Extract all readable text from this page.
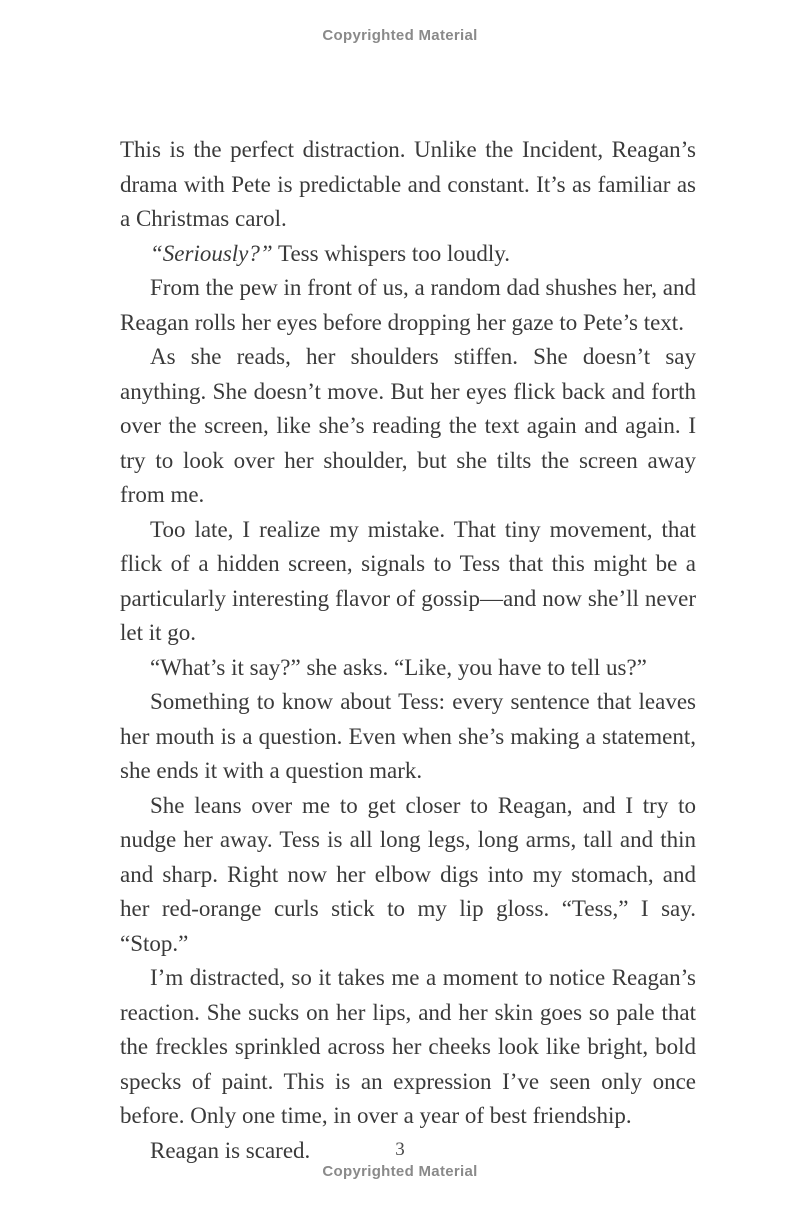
Copyrighted Material

This is the perfect distraction. Unlike the Incident, Reagan’s drama with Pete is predictable and constant. It’s as familiar as a Christmas carol.

“Seriously?” Tess whispers too loudly.

From the pew in front of us, a random dad shushes her, and Reagan rolls her eyes before dropping her gaze to Pete’s text.

As she reads, her shoulders stiffen. She doesn’t say anything. She doesn’t move. But her eyes flick back and forth over the screen, like she’s reading the text again and again. I try to look over her shoulder, but she tilts the screen away from me.

Too late, I realize my mistake. That tiny movement, that flick of a hidden screen, signals to Tess that this might be a particularly interesting flavor of gossip—and now she’ll never let it go.

“What’s it say?” she asks. “Like, you have to tell us?”

Something to know about Tess: every sentence that leaves her mouth is a question. Even when she’s making a statement, she ends it with a question mark.

She leans over me to get closer to Reagan, and I try to nudge her away. Tess is all long legs, long arms, tall and thin and sharp. Right now her elbow digs into my stomach, and her red-orange curls stick to my lip gloss. “Tess,” I say. “Stop.”

I’m distracted, so it takes me a moment to notice Reagan’s reaction. She sucks on her lips, and her skin goes so pale that the freckles sprinkled across her cheeks look like bright, bold specks of paint. This is an expression I’ve seen only once before. Only one time, in over a year of best friendship.

Reagan is scared.	3
Copyrighted Material
